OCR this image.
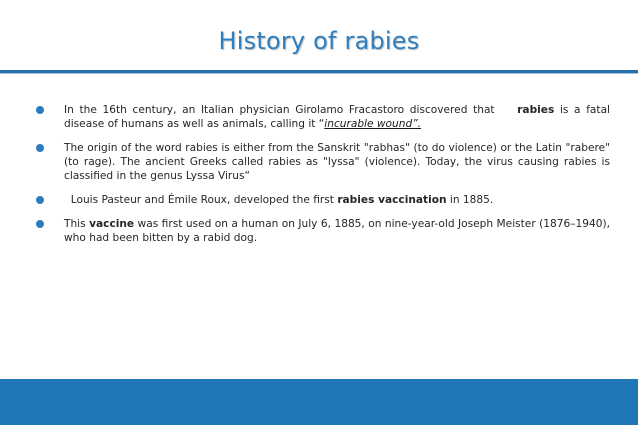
History of rabies
In the 16th century, an Italian physician Girolamo Fracastoro discovered that rabies is a fatal disease of humans as well as animals, calling it “incurable wound”.
The origin of the word rabies is either from the Sanskrit "rabhas" (to do violence) or the Latin "rabere" (to rage). The ancient Greeks called rabies as "lyssa" (violence). Today, the virus causing rabies is classified in the genus Lyssa Virus“
Louis Pasteur and Émile Roux, developed the first rabies vaccination in 1885.
This vaccine was first used on a human on July 6, 1885, on nine-year-old Joseph Meister (1876–1940), who had been bitten by a rabid dog.
